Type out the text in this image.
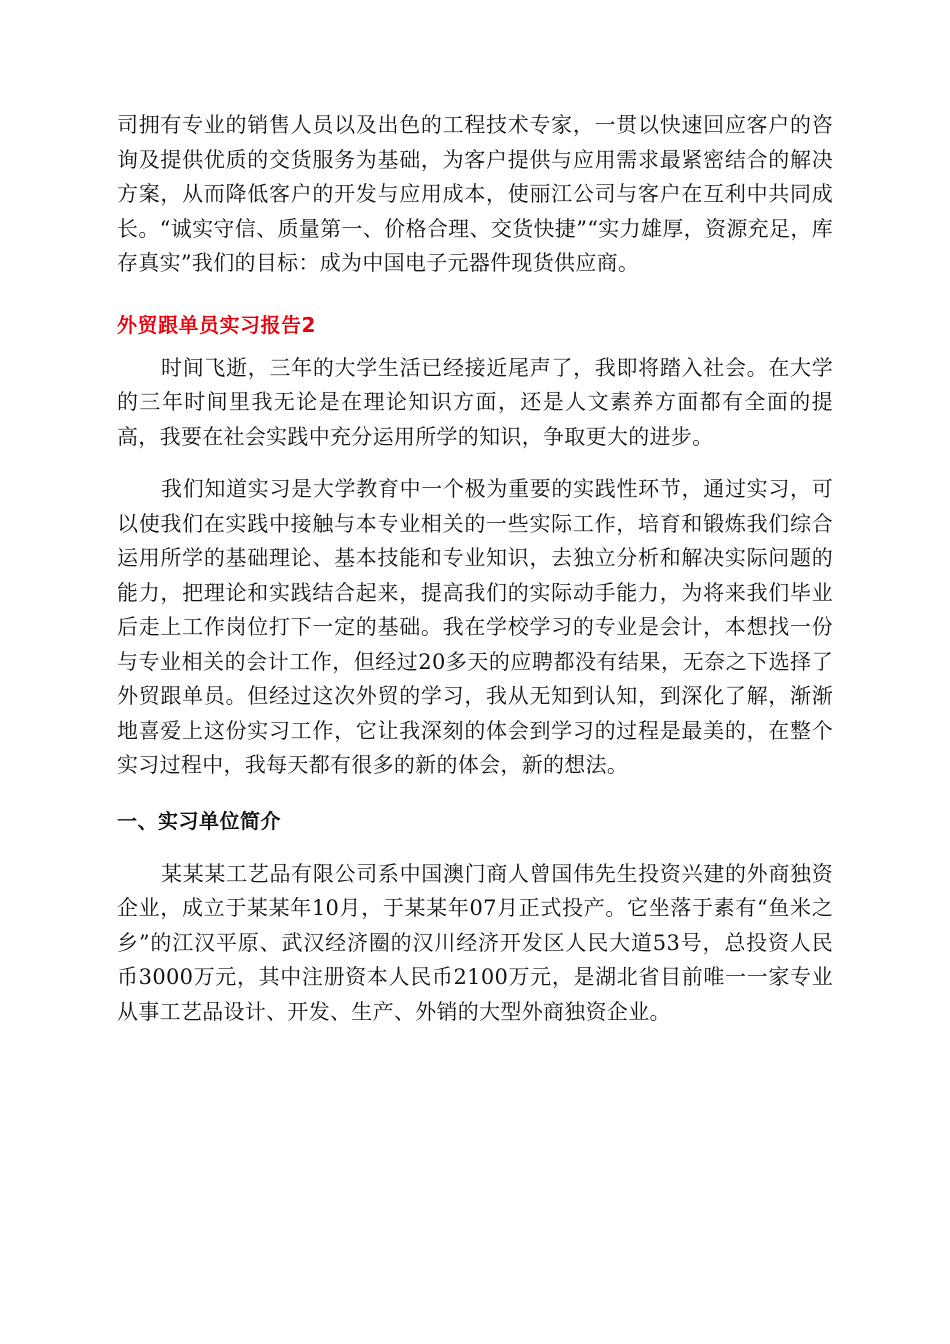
司拥有专业的销售人员以及出色的工程技术专家，一贯以快速回应客户的咨询及提供优质的交货服务为基础，为客户提供与应用需求最紧密结合的解决方案，从而降低客户的开发与应用成本，使丽江公司与客户在互利中共同成长。“诚实守信、质量第一、价格合理、交货快捷”“实力雄厚，资源充足，库存真实”我们的目标：成为中国电子元器件现货供应商。

外贸跟单员实习报告2

时间飞逝，三年的大学生活已经接近尾声了，我即将踏入社会。在大学的三年时间里我无论是在理论知识方面，还是人文素养方面都有全面的提高，我要在社会实践中充分运用所学的知识，争取更大的进步。

我们知道实习是大学教育中一个极为重要的实践性环节，通过实习，可以使我们在实践中接触与本专业相关的一些实际工作，培育和锻炼我们综合运用所学的基础理论、基本技能和专业知识，去独立分析和解决实际问题的能力，把理论和实践结合起来，提高我们的实际动手能力，为将来我们毕业后走上工作岗位打下一定的基础。我在学校学习的专业是会计，本想找一份与专业相关的会计工作，但经过20多天的应聘都没有结果，无奈之下选择了外贸跟单员。但经过这次外贸的学习，我从无知到认知，到深化了解，渐渐地喜爱上这份实习工作，它让我深刻的体会到学习的过程是最美的，在整个实习过程中，我每天都有很多的新的体会，新的想法。

一、实习单位简介

某某某工艺品有限公司系中国澳门商人曾国伟先生投资兴建的外商独资企业，成立于某某年10月，于某某年07月正式投产。它坐落于素有“鱼米之乡”的江汉平原、武汉经济圈的汉川经济开发区人民大道53号，总投资人民币3000万元，其中注册资本人民币2100万元，是湖北省目前唯一一家专业从事工艺品设计、开发、生产、外销的大型外商独资企业。
